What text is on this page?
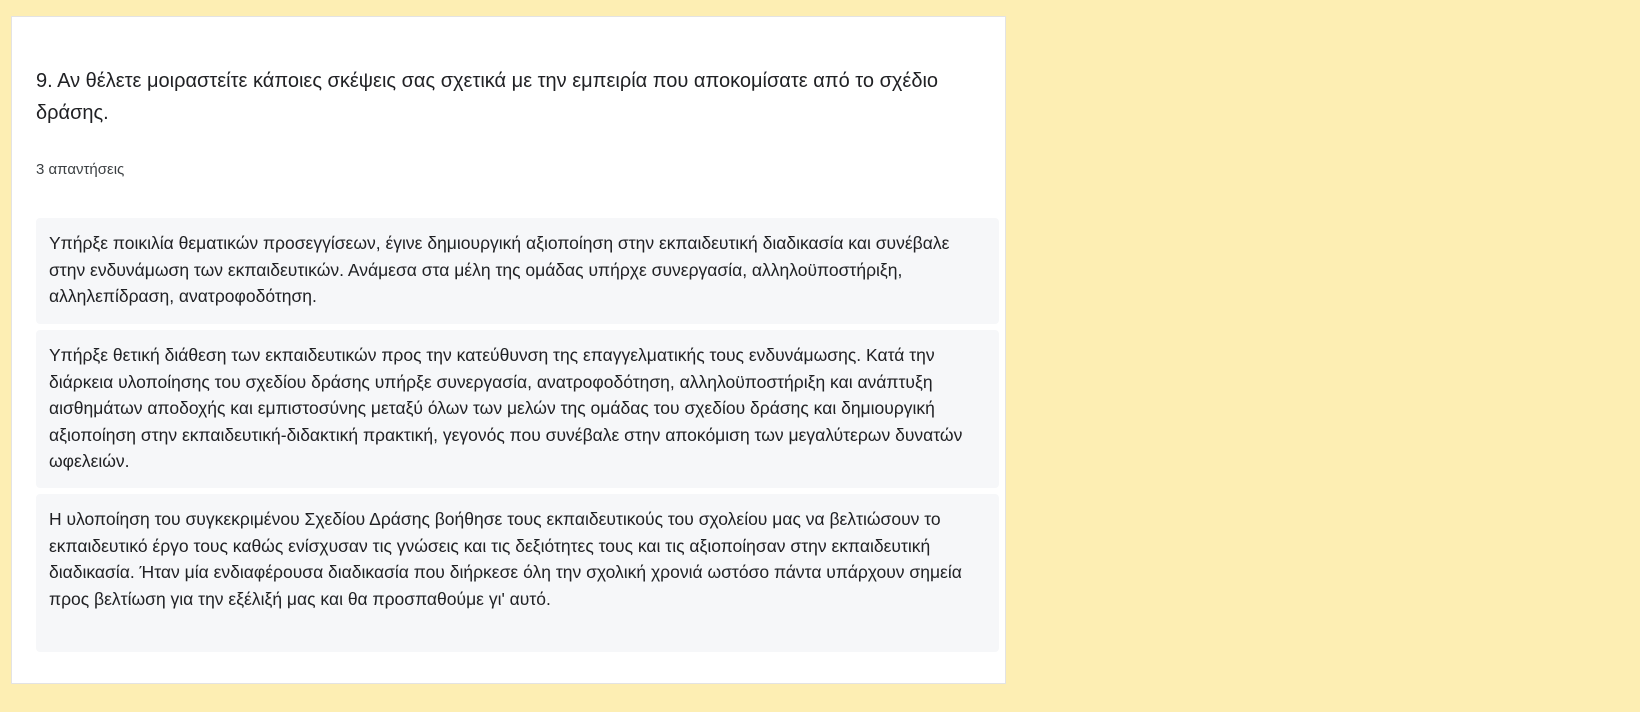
9. Αν θέλετε μοιραστείτε κάποιες σκέψεις σας σχετικά με την εμπειρία που αποκομίσατε από το σχέδιο δράσης.
3 απαντήσεις
Υπήρξε ποικιλία θεματικών προσεγγίσεων, έγινε δημιουργική αξιοποίηση στην εκπαιδευτική διαδικασία και συνέβαλε στην ενδυνάμωση των εκπαιδευτικών. Ανάμεσα στα μέλη της ομάδας υπήρχε συνεργασία, αλληλοϋποστήριξη, αλληλεπίδραση, ανατροφοδότηση.
Υπήρξε θετική διάθεση των εκπαιδευτικών προς την κατεύθυνση της επαγγελματικής τους ενδυνάμωσης. Κατά την διάρκεια υλοποίησης του σχεδίου δράσης υπήρξε συνεργασία, ανατροφοδότηση, αλληλοϋποστήριξη και ανάπτυξη αισθημάτων αποδοχής και εμπιστοσύνης μεταξύ όλων των μελών της ομάδας του σχεδίου δράσης και δημιουργική αξιοποίηση στην εκπαιδευτική-διδακτική πρακτική, γεγονός που συνέβαλε στην αποκόμιση των μεγαλύτερων δυνατών ωφελειών.
Η υλοποίηση του συγκεκριμένου Σχεδίου Δράσης βοήθησε τους εκπαιδευτικούς του σχολείου μας να βελτιώσουν το εκπαιδευτικό έργο τους καθώς ενίσχυσαν τις γνώσεις και τις δεξιότητες τους και τις αξιοποίησαν στην εκπαιδευτική διαδικασία. Ήταν μία ενδιαφέρουσα διαδικασία που διήρκεσε όλη την σχολική χρονιά ωστόσο πάντα υπάρχουν σημεία προς βελτίωση για την εξέλιξή μας και θα προσπαθούμε γι' αυτό.
